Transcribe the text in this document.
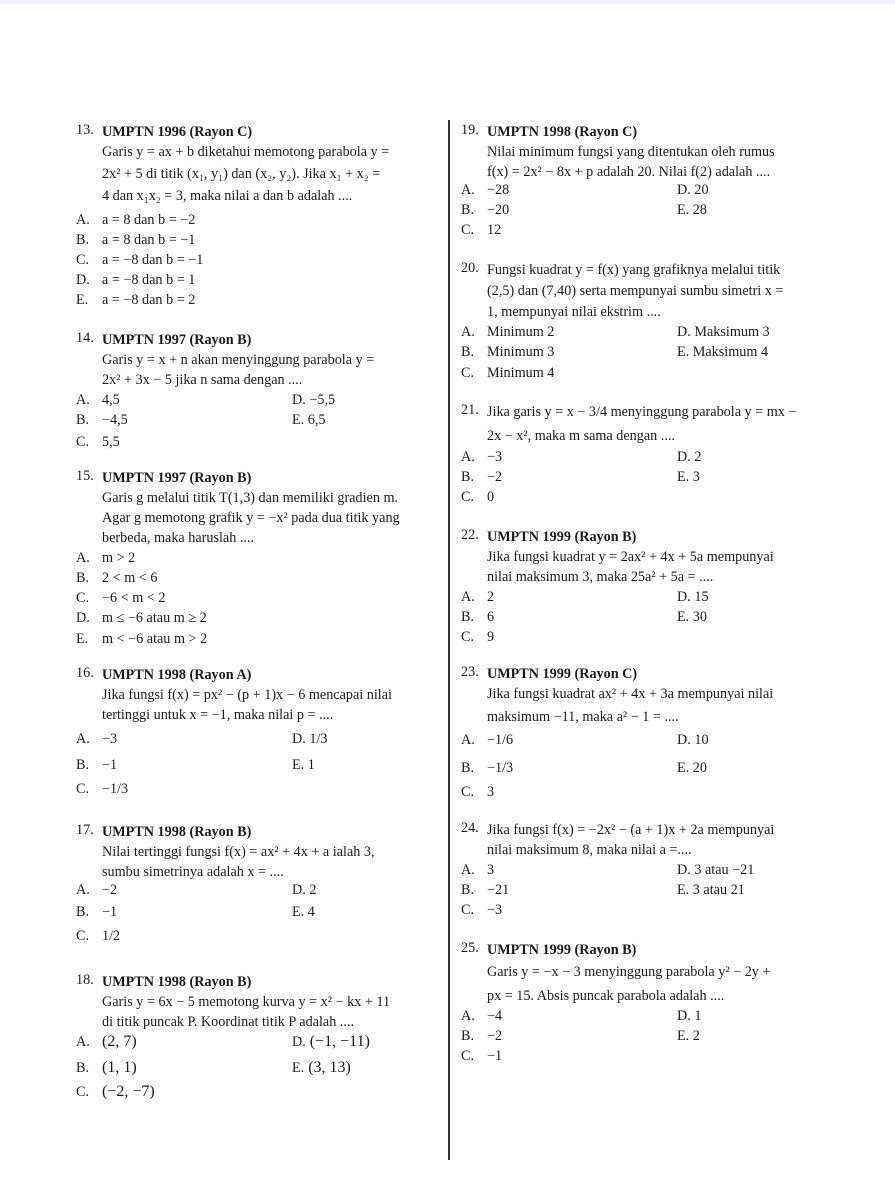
13. UMPTN 1996 (Rayon C)
Garis y = ax + b diketahui memotong parabola y =
2x² + 5 di titik (x₁, y₁) dan (x₂, y₂). Jika x₁ + x₂ =
4 dan x₁x₂ = 3, maka nilai a dan b adalah ....
A. a = 8 dan b = −2
B. a = 8 dan b = −1
C. a = −8 dan b = −1
D. a = −8 dan b = 1
E. a = −8 dan b = 2
14. UMPTN 1997 (Rayon B)
Garis y = x + n akan menyinggung parabola y =
2x² + 3x − 5 jika n sama dengan ....
A. 4,5	D. −5,5
B. −4,5	E. 6,5
C. 5,5
15. UMPTN 1997 (Rayon B)
Garis g melalui titik T(1,3) dan memiliki gradien m.
Agar g memotong grafik y = −x² pada dua titik yang
berbeda, maka haruslah ....
A. m > 2
B. 2 < m < 6
C. −6 < m < 2
D. m ≤ −6 atau m ≥ 2
E. m < −6 atau m > 2
16. UMPTN 1998 (Rayon A)
Jika fungsi f(x) = px² − (p + 1)x − 6 mencapai nilai
tertinggi untuk x = −1, maka nilai p = ....
A. −3	D. 1/3
B. −1	E. 1
C. −1/3
17. UMPTN 1998 (Rayon B)
Nilai tertinggi fungsi f(x) = ax² + 4x + a ialah 3,
sumbu simetrinya adalah x = ....
A. −2	D. 2
B. −1	E. 4
C. 1/2
18. UMPTN 1998 (Rayon B)
Garis y = 6x − 5 memotong kurva y = x² − kx + 11
di titik puncak P. Koordinat titik P adalah ....
A. (2, 7)	D. (−1, −11)
B. (1, 1)	E. (3, 13)
C. (−2, −7)
19. UMPTN 1998 (Rayon C)
Nilai minimum fungsi yang ditentukan oleh rumus
f(x) = 2x² − 8x + p adalah 20. Nilai f(2) adalah ....
A. −28	D. 20
B. −20	E. 28
C. 12
20. Fungsi kuadrat y = f(x) yang grafiknya melalui titik
(2,5) dan (7,40) serta mempunyai sumbu simetri x =
1, mempunyai nilai ekstrim ....
A. Minimum 2	D. Maksimum 3
B. Minimum 3	E. Maksimum 4
C. Minimum 4
21. Jika garis y = x − 3/4 menyinggung parabola y = mx −
2x − x², maka m sama dengan ....
A. −3	D. 2
B. −2	E. 3
C. 0
22. UMPTN 1999 (Rayon B)
Jika fungsi kuadrat y = 2ax² + 4x + 5a mempunyai
nilai maksimum 3, maka 25a² + 5a = ....
A. 2	D. 15
B. 6	E. 30
C. 9
23. UMPTN 1999 (Rayon C)
Jika fungsi kuadrat ax² + 4x + 3a mempunyai nilai
maksimum −11, maka a² − 1 = ....
A. −1/6	D. 10
B. −1/3	E. 20
C. 3
24. Jika fungsi f(x) = −2x² − (a + 1)x + 2a mempunyai
nilai maksimum 8, maka nilai a =....
A. 3	D. 3 atau −21
B. −21	E. 3 atau 21
C. −3
25. UMPTN 1999 (Rayon B)
Garis y = −x − 3 menyinggung parabola y² − 2y +
px = 15. Absis puncak parabola adalah ....
A. −4	D. 1
B. −2	E. 2
C. −1
